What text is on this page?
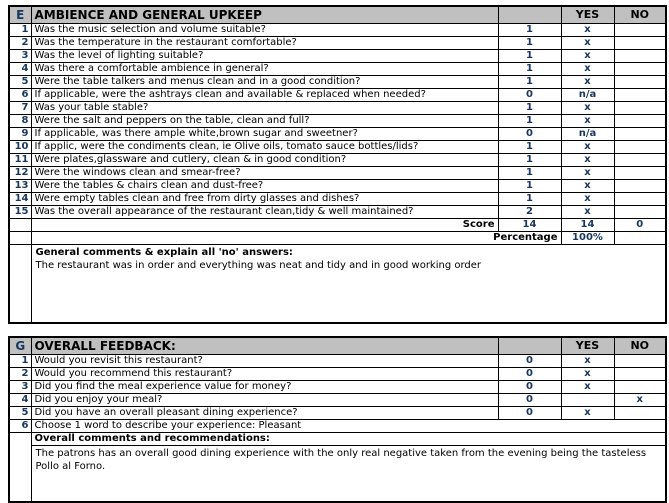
E	AMBIENCE AND GENERAL UPKEEP		YES	NO
1	Was the music selection and volume suitable?	1	x	
2	Was the temperature in the restaurant comfortable?	1	x	
3	Was the level of lighting suitable?	1	x	
4	Was there a comfortable ambience in general?	1	x	
5	Were the table talkers and menus clean and in a good condition?	1	x	
6	If applicable, were the ashtrays clean and available & replaced when needed?	0	n/a	
7	Was your table stable?	1	x	
8	Were the salt and peppers on the table, clean and full?	1	x	
9	If applicable, was there ample white,brown sugar and sweetner?	0	n/a	
10	If applic, were the condiments clean, ie Olive oils, tomato sauce bottles/lids?	1	x	
11	Were plates,glassware and cutlery, clean & in good condition?	1	x	
12	Were the windows clean and smear-free?	1	x	
13	Were the tables & chairs clean and dust-free?	1	x	
14	Were empty tables clean and free from dirty glasses and dishes?	1	x	
15	Was the overall appearance of the restaurant clean,tidy & well maintained?	2	x	
	Score	14	14	0
	Percentage		100%	

	General comments & explain all 'no' answers:
The restaurant was in order and everything was neat and tidy and in good working order			
G	OVERALL FEEDBACK:		YES	NO
1	Would you revisit this restaurant?	0	x	
2	Would you recommend this restaurant?	0	x	
3	Did you find the meal experience value for money?	0	x	
4	Did you enjoy your meal?	0		x
5	Did you have an overall pleasant dining experience?	0	x	
6	Choose 1 word to describe your experience: Pleasant			
	Overall comments and recommendations:			

	The patrons has an overall good dining experience with the only real negative taken from the evening being the tasteless Pollo al Forno.			
